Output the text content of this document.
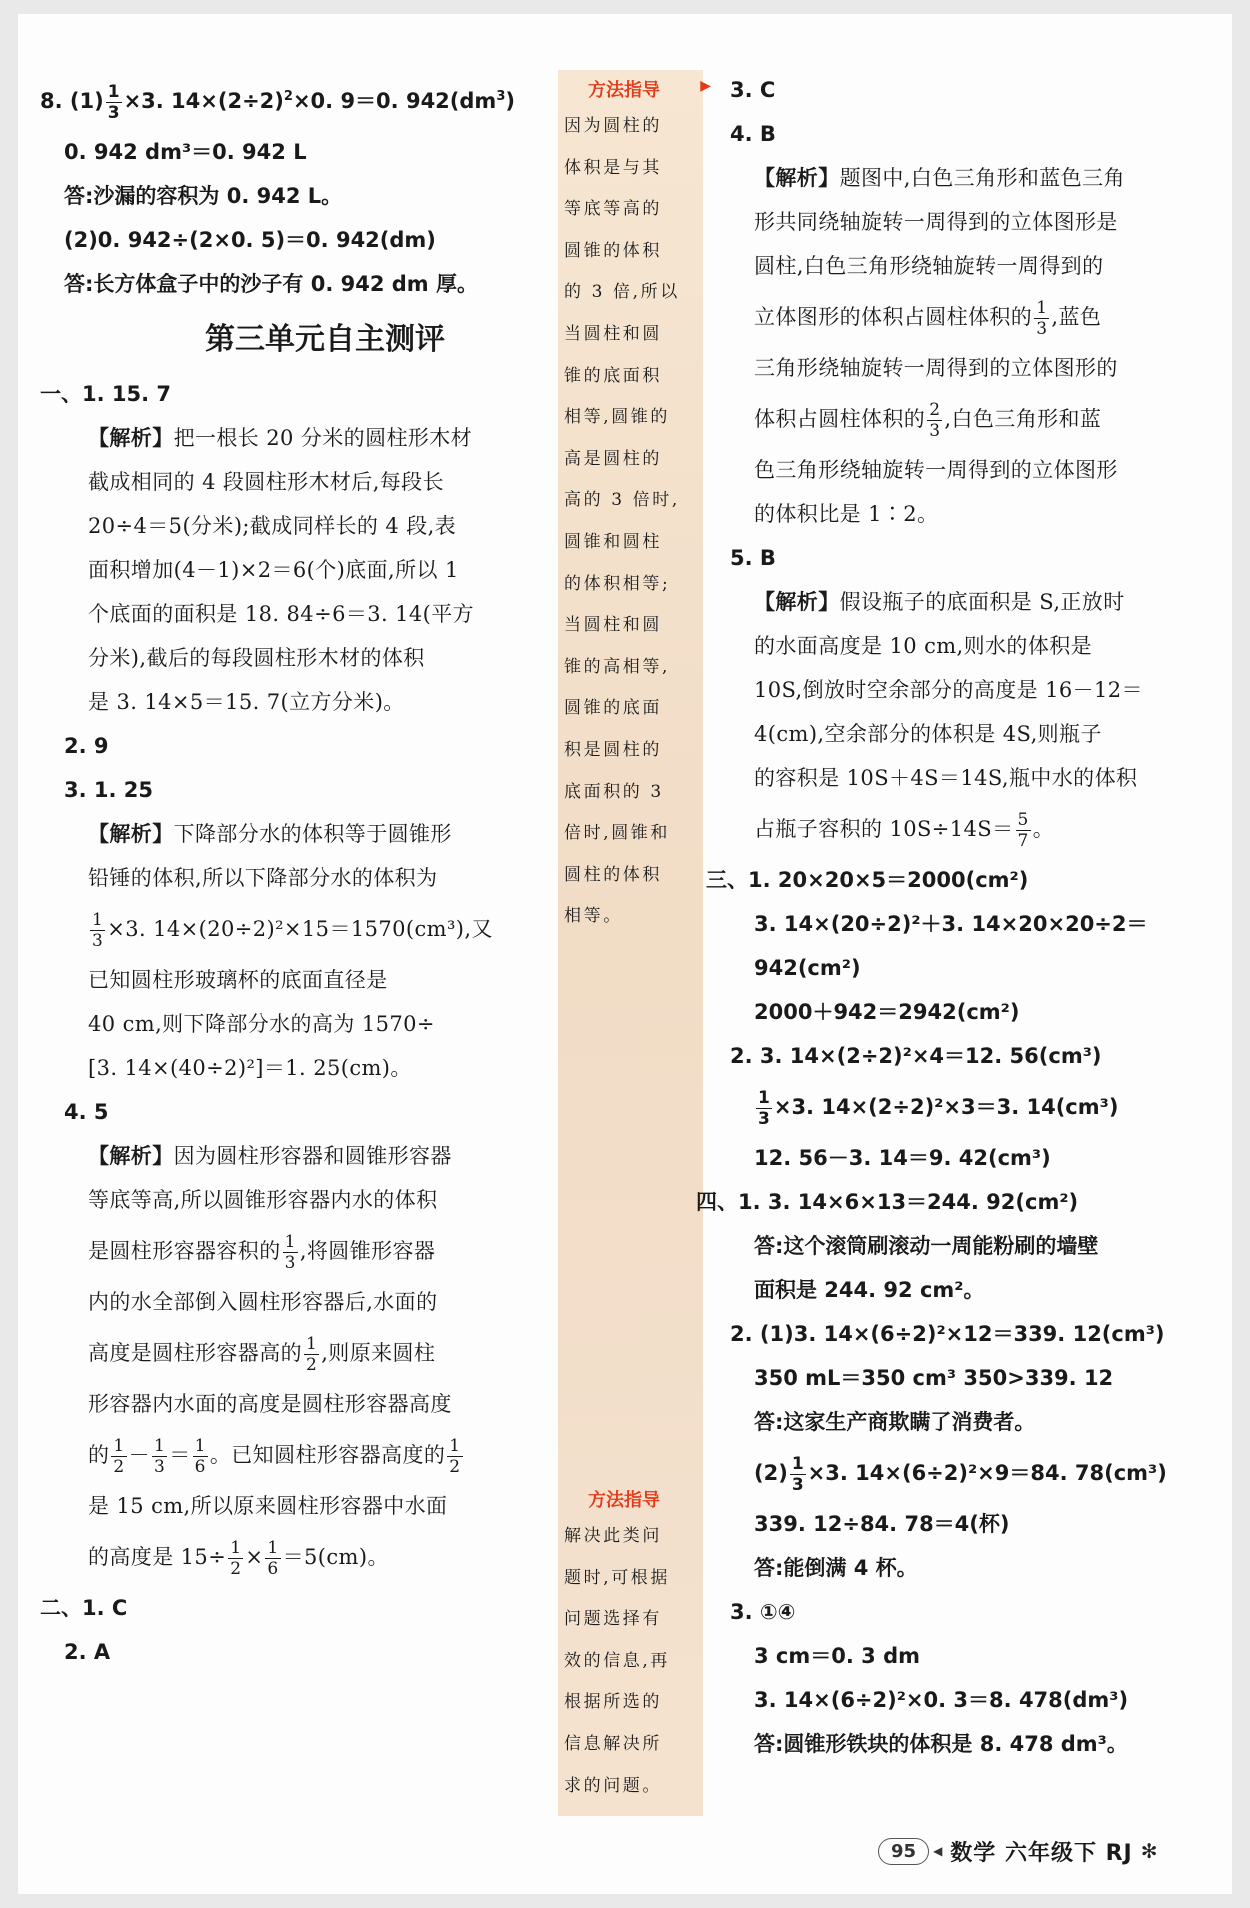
8. $(1) \frac{1}{3} \times 3$. $14\times(2\div 2)^2\times 0$. 9＝0. $942(dm^3)$
0. 942 dm³＝0. 942 L
答:沙漏的容积为 0. 942 L。
(2)0. 942÷(2×0. 5)＝0. 942(dm)
答:长方体盒子中的沙子有 0. 942 dm 厚。
第三单元自主测评
一、1. 15. 7
【解析】把一根长 20 分米的圆柱形木材
截成相同的 4 段圆柱形木材后,每段长
20÷4＝5(分米);截成同样长的 4 段,表
面积增加(4－1)×2＝6(个)底面,所以 1
个底面的面积是 18. 84÷6＝3. 14(平方
分米),截后的每段圆柱形木材的体积
是 3. 14×5＝15. 7(立方分米)。
2. 9
3. 1. 25
【解析】下降部分水的体积等于圆锥形
铅锤的体积,所以下降部分水的体积为
$\frac{1}{3} \times 3$. 14×(20÷2)²×15＝1570(cm³),又
已知圆柱形玻璃杯的底面直径是
40 cm,则下降部分水的高为 1570÷
[3. 14×(40÷2)²]＝1. 25(cm)。
4. 5
【解析】因为圆柱形容器和圆锥形容器
等底等高,所以圆锥形容器内水的体积
是圆柱形容器容积的 $\frac{1}{3}$ ,将圆锥形容器
内的水全部倒入圆柱形容器后,水面的
高度是圆柱形容器高的 $\frac{1}{2}$ ,则原来圆柱
形容器内水面的高度是圆柱形容器高度
的 $\frac{1}{2} - \frac{1}{3} = \frac{1}{6}$ 。已知圆柱形容器高度的 $\frac{1}{2}$
是 15 cm,所以原来圆柱形容器中水面
的高度是 $15\div \frac{1}{2} \times \frac{1}{6} =5(cm)$。
二、1. C
2. A
方法指导	▶
因为圆柱的
体积是与其
等底等高的
圆锥的体积
的 3 倍,所以
当圆柱和圆
锥的底面积
相等,圆锥的
高是圆柱的
高的 3 倍时,
圆锥和圆柱
的体积相等;
当圆柱和圆
锥的高相等,
圆锥的底面
积是圆柱的
底面积的 3
倍时,圆锥和
圆柱的体积
相等。
方法指导
解决此类问
题时,可根据
问题选择有
效的信息,再
根据所选的
信息解决所
求的问题。
3. C
4. B
【解析】题图中,白色三角形和蓝色三角
形共同绕轴旋转一周得到的立体图形是
圆柱,白色三角形绕轴旋转一周得到的
立体图形的体积占圆柱体积的 $\frac{1}{3}$ ,蓝色
三角形绕轴旋转一周得到的立体图形的
体积占圆柱体积的 $\frac{2}{3}$ ,白色三角形和蓝
色三角形绕轴旋转一周得到的立体图形
的体积比是 1∶2。
5. B
【解析】假设瓶子的底面积是 S,正放时
的水面高度是 10 cm,则水的体积是
10S,倒放时空余部分的高度是 16－12＝
4(cm),空余部分的体积是 4S,则瓶子
的容积是 10S＋4S＝14S,瓶中水的体积
占瓶子容积的 $10S\div 14S= \frac{5}{7}$ 。
三、1. 20×20×5＝2000(cm²)
3. 14×(20÷2)²＋3. 14×20×20÷2＝
942(cm²)
2000＋942＝2942(cm²)
2. 3. 14×(2÷2)²×4＝12. 56(cm³)
$\frac{1}{3} \times 3$. 14×(2÷2)²×3＝3. 14(cm³)
12. 56－3. 14＝9. 42(cm³)
四、1. 3. 14×6×13＝244. 92(cm²)
答:这个滚筒刷滚动一周能粉刷的墙壁
面积是 244. 92 cm²。
2. (1)3. 14×(6÷2)²×12＝339. 12(cm³)
350 mL＝350 cm³ 350>339. 12
答:这家生产商欺瞒了消费者。
$(2) \frac{1}{3} \times 3$. 14×(6÷2)²×9＝84. 78(cm³)
339. 12÷84. 78＝4(杯)
答:能倒满 4 杯。
3. ①④
3 cm＝0. 3 dm
3. 14×(6÷2)²×0. 3＝8. 478(dm³)
答:圆锥形铁块的体积是 8. 478 dm³。
95	◀ 数学 六年级下 RJ ✻
